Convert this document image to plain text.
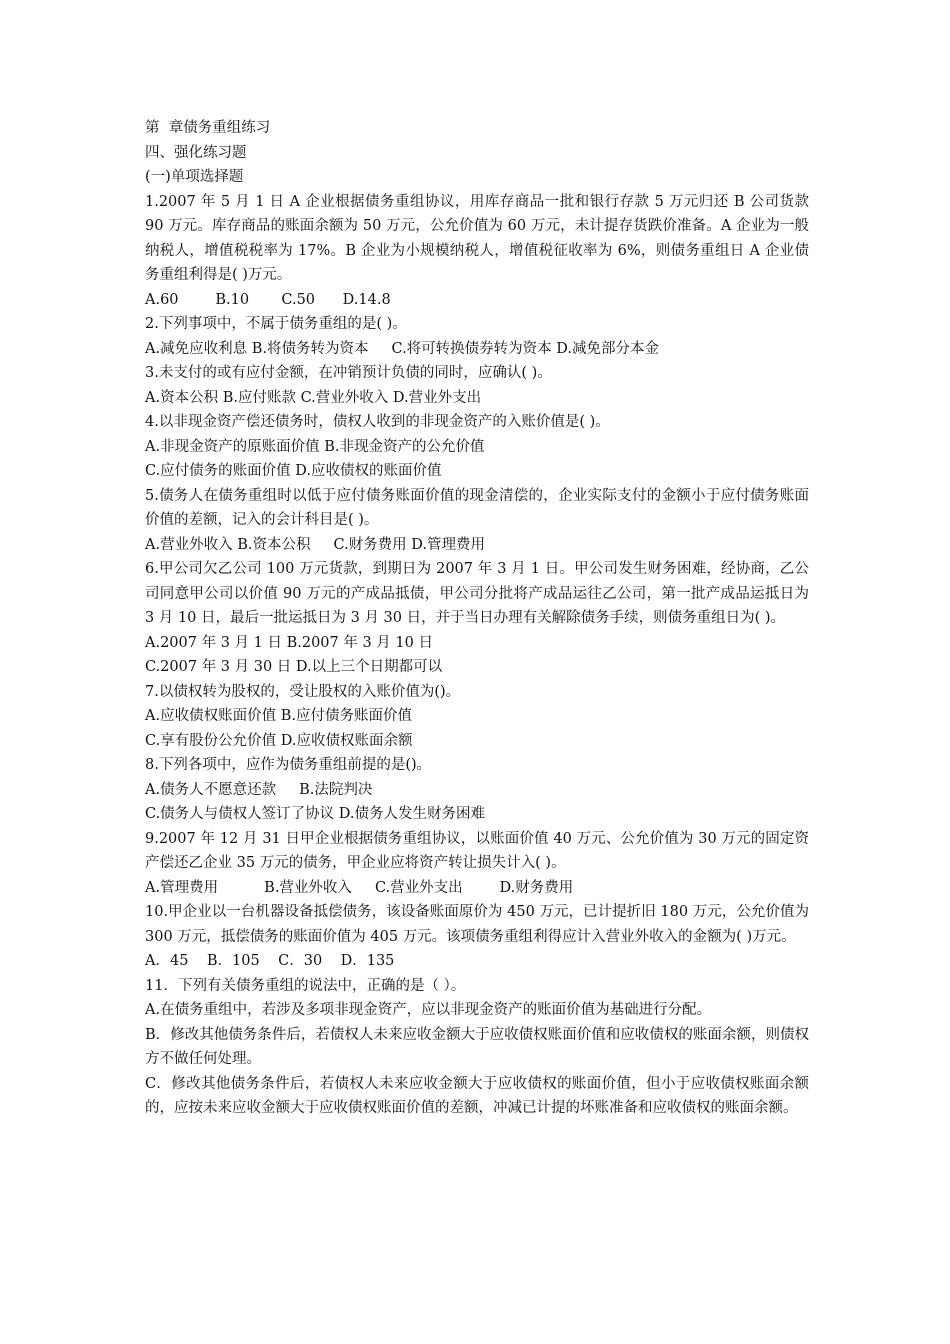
第  章债务重组练习
四、强化练习题
(一)单项选择题
1.2007 年 5 月 1 日 A 企业根据债务重组协议，用库存商品一批和银行存款 5 万元归还 B 公司货款 90 万元。库存商品的账面余额为 50 万元，公允价值为 60 万元，未计提存货跌价准备。A 企业为一般纳税人，增值税税率为 17%。B 企业为小规模纳税人，增值税征收率为 6%，则债务重组日 A 企业债务重组利得是( )万元。
A.60        B.10       C.50      D.14.8
2.下列事项中，不属于债务重组的是( )。
A.减免应收利息 B.将债务转为资本     C.将可转换债券转为资本 D.减免部分本金
3.未支付的或有应付金额，在冲销预计负债的同时，应确认( )。
A.资本公积 B.应付账款 C.营业外收入 D.营业外支出
4.以非现金资产偿还债务时，债权人收到的非现金资产的入账价值是( )。
A.非现金资产的原账面价值 B.非现金资产的公允价值
C.应付债务的账面价值 D.应收债权的账面价值
5.债务人在债务重组时以低于应付债务账面价值的现金清偿的，企业实际支付的金额小于应付债务账面价值的差额，记入的会计科目是( )。
A.营业外收入 B.资本公积     C.财务费用 D.管理费用
6.甲公司欠乙公司 100 万元货款，到期日为 2007 年 3 月 1 日。甲公司发生财务困难，经协商，乙公司同意甲公司以价值 90 万元的产成品抵债，甲公司分批将产成品运往乙公司，第一批产成品运抵日为 3 月 10 日，最后一批运抵日为 3 月 30 日，并于当日办理有关解除债务手续，则债务重组日为( )。
A.2007 年 3 月 1 日 B.2007 年 3 月 10 日
C.2007 年 3 月 30 日 D.以上三个日期都可以
7.以债权转为股权的，受让股权的入账价值为()。
A.应收债权账面价值 B.应付债务账面价值
C.享有股份公允价值 D.应收债权账面余额
8.下列各项中，应作为债务重组前提的是()。
A.债务人不愿意还款     B.法院判决
C.债务人与债权人签订了协议 D.债务人发生财务困难
9.2007 年 12 月 31 日甲企业根据债务重组协议，以账面价值 40 万元、公允价值为 30 万元的固定资产偿还乙企业 35 万元的债务，甲企业应将资产转让损失计入( )。
A.管理费用          B.营业外收入     C.营业外支出        D.财务费用
10.甲企业以一台机器设备抵偿债务，该设备账面原价为 450 万元，已计提折旧 180 万元，公允价值为 300 万元，抵偿债务的账面价值为 405 万元。该项债务重组利得应计入营业外收入的金额为( )万元。
A．45    B．105    C．30    D．135
11．下列有关债务重组的说法中，正确的是（ ）。
A.在债务重组中，若涉及多项非现金资产，应以非现金资产的账面价值为基础进行分配。
B．修改其他债务条件后，若债权人未来应收金额大于应收债权账面价值和应收债权的账面余额，则债权方不做任何处理。
C．修改其他债务条件后，若债权人未来应收金额大于应收债权的账面价值，但小于应收债权账面余额的，应按未来应收金额大于应收债权账面价值的差额，冲减已计提的坏账准备和应收债权的账面余额。
